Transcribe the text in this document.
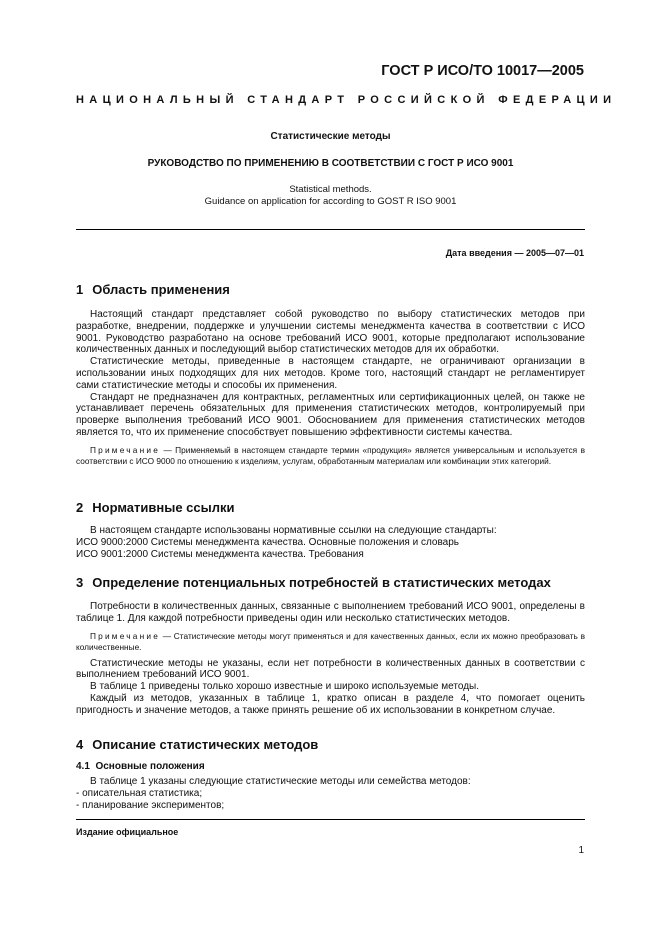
ГОСТ Р ИСО/ТО 10017—2005
НАЦИОНАЛЬНЫЙ СТАНДАРТ РОССИЙСКОЙ ФЕДЕРАЦИИ
Статистические методы
РУКОВОДСТВО ПО ПРИМЕНЕНИЮ В СООТВЕТСТВИИ С ГОСТ Р ИСО 9001
Statistical methods.
Guidance on application for according to GOST R ISO 9001
Дата введения — 2005—07—01
1 Область применения

Настоящий стандарт представляет собой руководство по выбору статистических методов при разработке, внедрении, поддержке и улучшении системы менеджмента качества в соответствии с ИСО 9001. Руководство разработано на основе требований ИСО 9001, которые предполагают использование количественных данных и последующий выбор статистических методов для их обработки.

Статистические методы, приведенные в настоящем стандарте, не ограничивают организации в использовании иных подходящих для них методов. Кроме того, настоящий стандарт не регламентирует сами статистические методы и способы их применения.

Стандарт не предназначен для контрактных, регламентных или сертификационных целей, он также не устанавливает перечень обязательных для применения статистических методов, контролируемый при проверке выполнения требований ИСО 9001. Обоснованием для применения статистических методов является то, что их применение способствует повышению эффективности системы качества.

Примечание — Применяемый в настоящем стандарте термин «продукция» является универсальным и используется в соответствии с ИСО 9000 по отношению к изделиям, услугам, обработанным материалам или комбинации этих категорий.

2 Нормативные ссылки

В настоящем стандарте использованы нормативные ссылки на следующие стандарты:

ИСО 9000:2000 Системы менеджмента качества. Основные положения и словарь
ИСО 9001:2000 Системы менеджмента качества. Требования
3 Определение потенциальных потребностей в статистических методах

Потребности в количественных данных, связанные с выполнением требований ИСО 9001, определены в таблице 1. Для каждой потребности приведены один или несколько статистических методов.

Примечание — Статистические методы могут применяться и для качественных данных, если их можно преобразовать в количественные.

Статистические методы не указаны, если нет потребности в количественных данных в соответствии с выполнением требований ИСО 9001.

В таблице 1 приведены только хорошо известные и широко используемые методы.

Каждый из методов, указанных в таблице 1, кратко описан в разделе 4, что помогает оценить пригодность и значение методов, а также принять решение об их использовании в конкретном случае.

4 Описание статистических методов
4.1 Основные положения

В таблице 1 указаны следующие статистические методы или семейства методов:

- описательная статистика;
- планирование экспериментов;
Издание официальное
1
